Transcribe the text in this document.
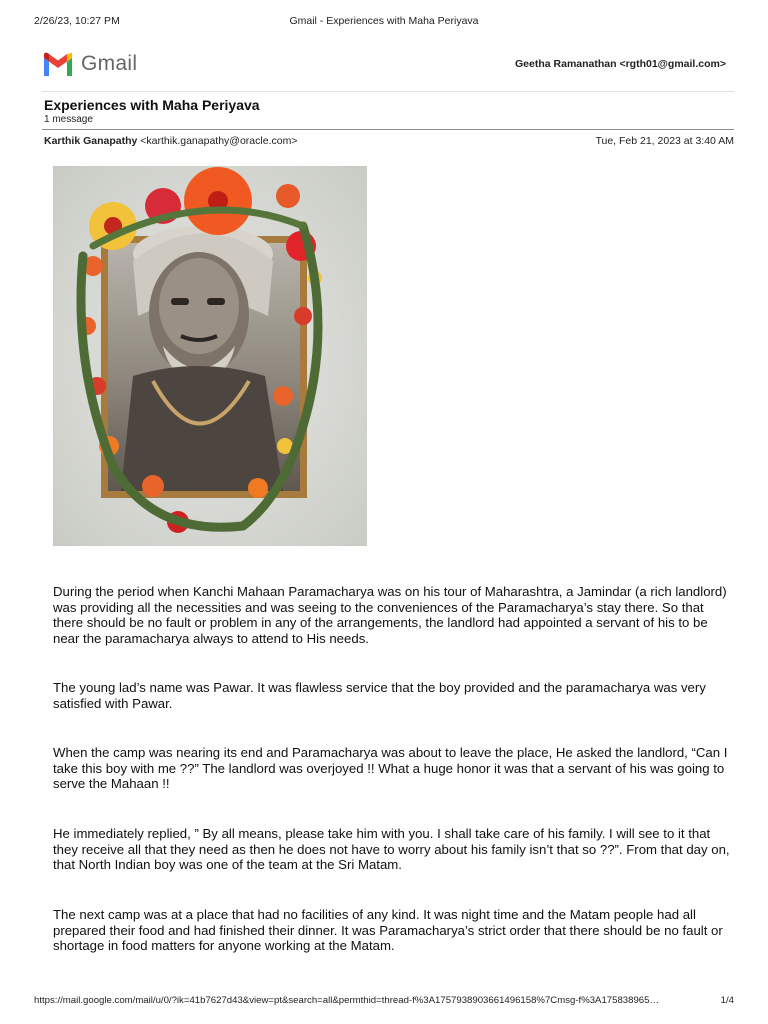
2/26/23, 10:27 PM	Gmail - Experiences with Maha Periyava
Gmail	Geetha Ramanathan <rgth01@gmail.com>
Experiences with Maha Periyava
1 message
Karthik Ganapathy <karthik.ganapathy@oracle.com>	Tue, Feb 21, 2023 at 3:40 AM
During the period when Kanchi Mahaan Paramacharya was on his tour of Maharashtra, a Jamindar (a rich landlord) was providing all the necessities and was seeing to the conveniences of the Paramacharya’s stay there. So that there should be no fault or problem in any of the arrangements, the landlord had appointed a servant of his to be near the paramacharya always to attend to His needs.
The young lad’s name was Pawar. It was flawless service that the boy provided and the paramacharya was very satisfied with Pawar.
When the camp was nearing its end and Paramacharya was about to leave the place, He asked the landlord, “Can I take this boy with me ??” The landlord was overjoyed !! What a huge honor it was that a servant of his was going to serve the Mahaan !!
He immediately replied, ” By all means, please take him with you. I shall take care of his family. I will see to it that they receive all that they need as then he does not have to worry about his family isn’t that so ??”. From that day on, that North Indian boy was one of the team at the Sri Matam.
The next camp was at a place that had no facilities of any kind. It was night time and the Matam people had all prepared their food and had finished their dinner. It was Paramacharya’s strict order that there should be no fault or shortage in food matters for anyone working at the Matam.
https://mail.google.com/mail/u/0/?ik=41b7627d43&view=pt&search=all&permthid=thread-f%3A1757938903661496158%7Cmsg-f%3A175838965…	1/4
